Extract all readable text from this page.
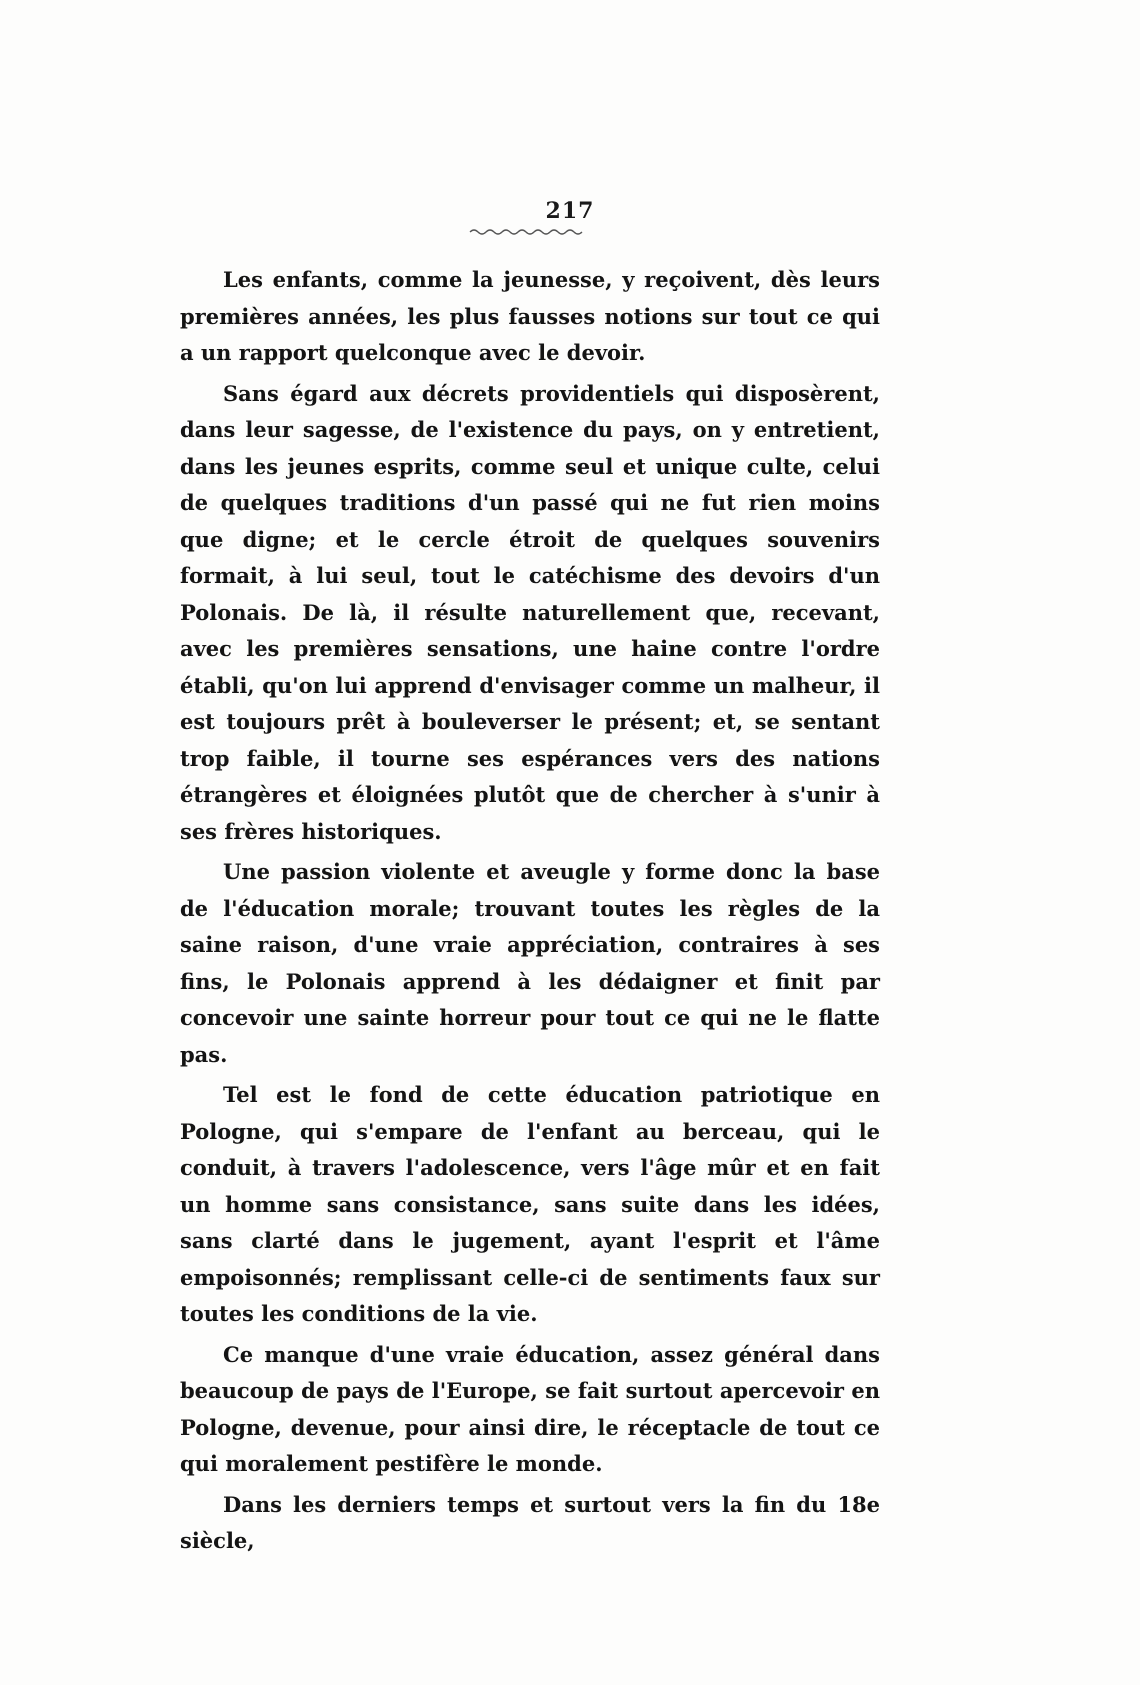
217

Les enfants, comme la jeunesse, y reçoivent, dès leurs premières années, les plus fausses notions sur tout ce qui a un rapport quelconque avec le devoir.

Sans égard aux décrets providentiels qui disposèrent, dans leur sagesse, de l'existence du pays, on y entretient, dans les jeunes esprits, comme seul et unique culte, celui de quelques traditions d'un passé qui ne fut rien moins que digne; et le cercle étroit de quelques souvenirs formait, à lui seul, tout le catéchisme des devoirs d'un Polonais. De là, il résulte naturellement que, recevant, avec les premières sensations, une haine contre l'ordre établi, qu'on lui apprend d'envisager comme un malheur, il est toujours prêt à bouleverser le présent; et, se sentant trop faible, il tourne ses espérances vers des nations étrangères et éloignées plutôt que de chercher à s'unir à ses frères historiques.

Une passion violente et aveugle y forme donc la base de l'éducation morale; trouvant toutes les règles de la saine raison, d'une vraie appréciation, contraires à ses fins, le Polonais apprend à les dédaigner et finit par concevoir une sainte horreur pour tout ce qui ne le flatte pas.

Tel est le fond de cette éducation patriotique en Pologne, qui s'empare de l'enfant au berceau, qui le conduit, à travers l'adolescence, vers l'âge mûr et en fait un homme sans consistance, sans suite dans les idées, sans clarté dans le jugement, ayant l'esprit et l'âme empoisonnés; remplissant celle-ci de sentiments faux sur toutes les conditions de la vie.

Ce manque d'une vraie éducation, assez général dans beaucoup de pays de l'Europe, se fait surtout apercevoir en Pologne, devenue, pour ainsi dire, le réceptacle de tout ce qui moralement pestifère le monde.

Dans les derniers temps et surtout vers la fin du 18e siècle,
